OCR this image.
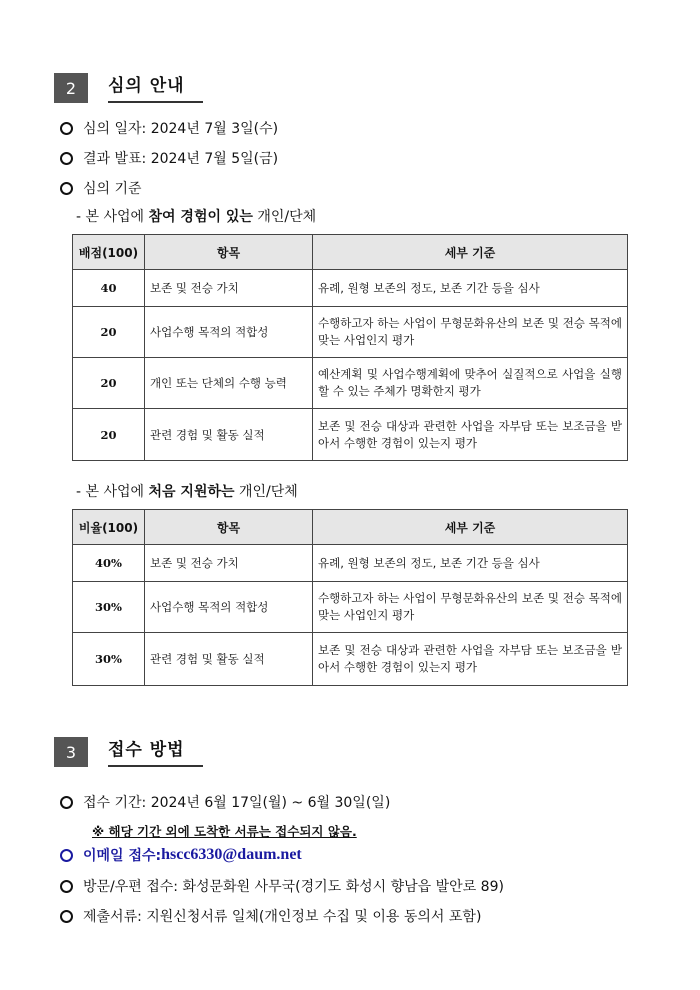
2	심의 안내
심의 일자: 2024년 7월 3일(수)
결과 발표: 2024년 7월 5일(금)
심의 기준
- 본 사업에 참여 경험이 있는 개인/단체
배점(100)	항목	세부 기준
40	보존 및 전승 가치	유례, 원형 보존의 정도, 보존 기간 등을 심사
20	사업수행 목적의 적합성	수행하고자 하는 사업이 무형문화유산의 보존 및 전승 목적에 맞는 사업인지 평가
20	개인 또는 단체의 수행 능력	예산계획 및 사업수행계획에 맞추어 실질적으로 사업을 실행할 수 있는 주체가 명확한지 평가
20	관련 경험 및 활동 실적	보존 및 전승 대상과 관련한 사업을 자부담 또는 보조금을 받아서 수행한 경험이 있는지 평가
- 본 사업에 처음 지원하는 개인/단체
비율(100)	항목	세부 기준
40%	보존 및 전승 가치	유례, 원형 보존의 정도, 보존 기간 등을 심사
30%	사업수행 목적의 적합성	수행하고자 하는 사업이 무형문화유산의 보존 및 전승 목적에 맞는 사업인지 평가
30%	관련 경험 및 활동 실적	보존 및 전승 대상과 관련한 사업을 자부담 또는 보조금을 받아서 수행한 경험이 있는지 평가
3	접수 방법
접수 기간: 2024년 6월 17일(월) ~ 6월 30일(일)
※ 해당 기간 외에 도착한 서류는 접수되지 않음.
이메일 접수: hscc6330@daum.net
방문/우편 접수: 화성문화원 사무국(경기도 화성시 향남읍 발안로 89)
제출서류: 지원신청서류 일체(개인정보 수집 및 이용 동의서 포함)
